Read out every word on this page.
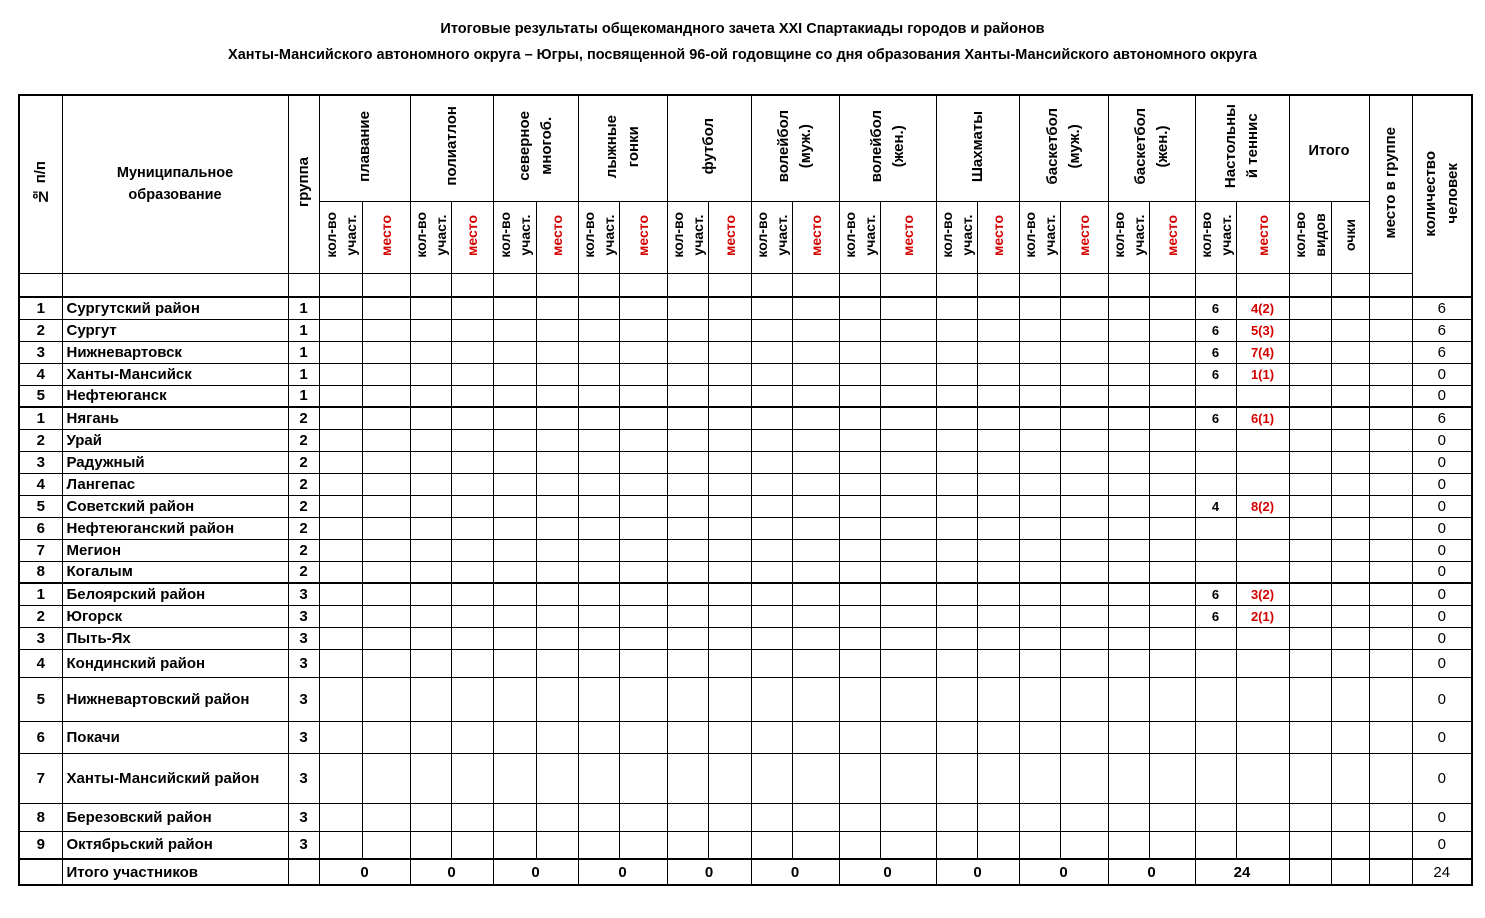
Итоговые результаты общекомандного зачета XXI Спартакиады городов и районов
Ханты-Мансийского автономного округа – Югры, посвященной 96-ой годовщине со дня образования Ханты-Мансийского автономного округа
№ п/п	Муниципальное
образование	группа	плавание		полиатлон		северное многоб.		лыжные гонки		футбол		волейбол (муж.)		волейбол (жен.)		Шахматы		баскетбол (муж.)		баскетбол (жен.)		Настольны й теннис		Итого		место в группе	количество человек
			кол-во участ.	место	кол-во участ.	место	кол-во участ.	место	кол-во участ.	место	кол-во участ.	место	кол-во участ.	место	кол-во участ.	место	кол-во участ.	место	кол-во участ.	место	кол-во участ.	место	кол-во участ.	место	кол-во видов	очки		

1	Сургутский район	1																					6	4(2)				6
2	Сургут	1																					6	5(3)				6
3	Нижневартовск	1																					6	7(4)				6
4	Ханты-Мансийск	1																					6	1(1)				0
5	Нефтеюганск	1																										0
1	Нягань	2																					6	6(1)				6
2	Урай	2																										0
3	Радужный	2																										0
4	Лангепас	2																										0
5	Советский район	2																					4	8(2)				0
6	Нефтеюганский район	2																										0
7	Мегион	2																										0
8	Когалым	2																										0
1	Белоярский район	3																					6	3(2)				0
2	Югорск	3																					6	2(1)				0
3	Пыть-Ях	3																										0
4	Кондинский район	3																										0
5	Нижневартовский район	3																										0
6	Покачи	3																										0
7	Ханты-Мансийский район	3																										0
8	Березовский район	3																										0
9	Октябрьский район	3																										0
	Итого участников		0		0		0		0		0		0		0		0		0		0		24					24
